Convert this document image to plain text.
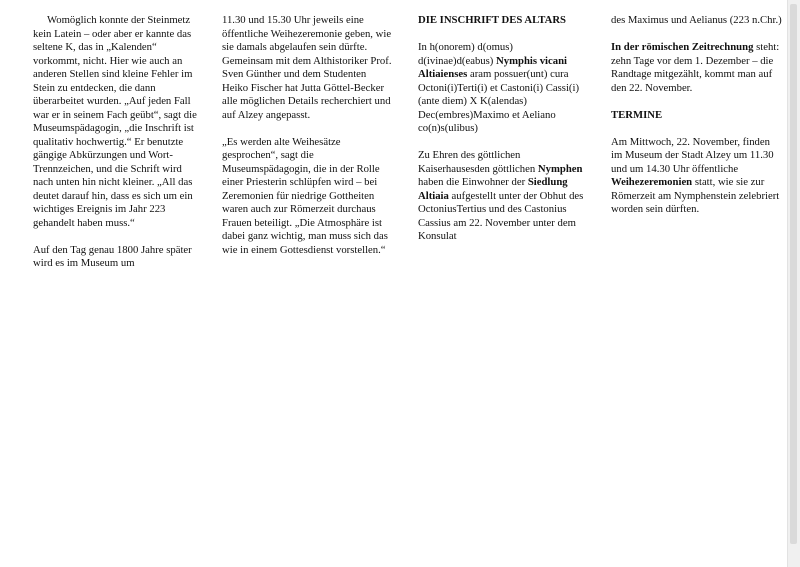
Womöglich konnte der Steinmetz kein Latein – oder aber er kannte das seltene K, das in „Kalenden“ vorkommt, nicht. Hier wie auch an anderen Stellen sind kleine Fehler im Stein zu entdecken, die dann überarbeitet wurden. „Auf jeden Fall war er in seinem Fach geübt“, sagt die Museumspädagogin, „die Inschrift ist qualitativ hochwertig.“ Er benutzte gängige Abkürzungen und Wort-Trennzeichen, und die Schrift wird nach unten hin nicht kleiner. „All das deutet darauf hin, dass es sich um ein wichtiges Ereignis im Jahr 223 gehandelt haben muss.“

Auf den Tag genau 1800 Jahre später wird es im Museum um

11.30 und 15.30 Uhr jeweils eine öffentliche Weihezeremonie geben, wie sie damals abgelaufen sein dürfte. Gemeinsam mit dem Althistoriker Prof. Sven Günther und dem Studenten Heiko Fischer hat Jutta Göttel-Becker alle möglichen Details recherchiert und auf Alzey angepasst.

„Es werden alte Weihesätze gesprochen“, sagt die Museumspädagogin, die in der Rolle einer Priesterin schlüpfen wird – bei Zeremonien für niedrige Gottheiten waren auch zur Römerzeit durchaus Frauen beteiligt. „Die Atmosphäre ist dabei ganz wichtig, man muss sich das wie in einem Gottesdienst vorstellen.“

DIE INSCHRIFT DES ALTARS

In h(onorem) d(omus) d(ivinae)d(eabus) Nymphis vicani Altiaienses aram possuer(unt) cura Octoni(i)Terti(i) et Castoni(i) Cassi(i) (ante diem) X K(alendas) Dec(embres)Maximo et Aeliano co(n)s(ulibus)

Zu Ehren des göttlichen Kaiserhausesden göttlichen Nymphen haben die Einwohner der Siedlung Altiaia aufgestellt unter der Obhut des OctoniusTertius und des Castonius Cassius am 22. November unter dem Konsulat

des Maximus und Aelianus (223 n.Chr.)

In der römischen Zeitrechnung steht: zehn Tage vor dem 1. Dezember – die Randtage mitgezählt, kommt man auf den 22. November.

TERMINE

Am Mittwoch, 22. November, finden im Museum der Stadt Alzey um 11.30 und um 14.30 Uhr öffentliche Weihezeremonien statt, wie sie zur Römerzeit am Nymphenstein zelebriert worden sein dürften.
